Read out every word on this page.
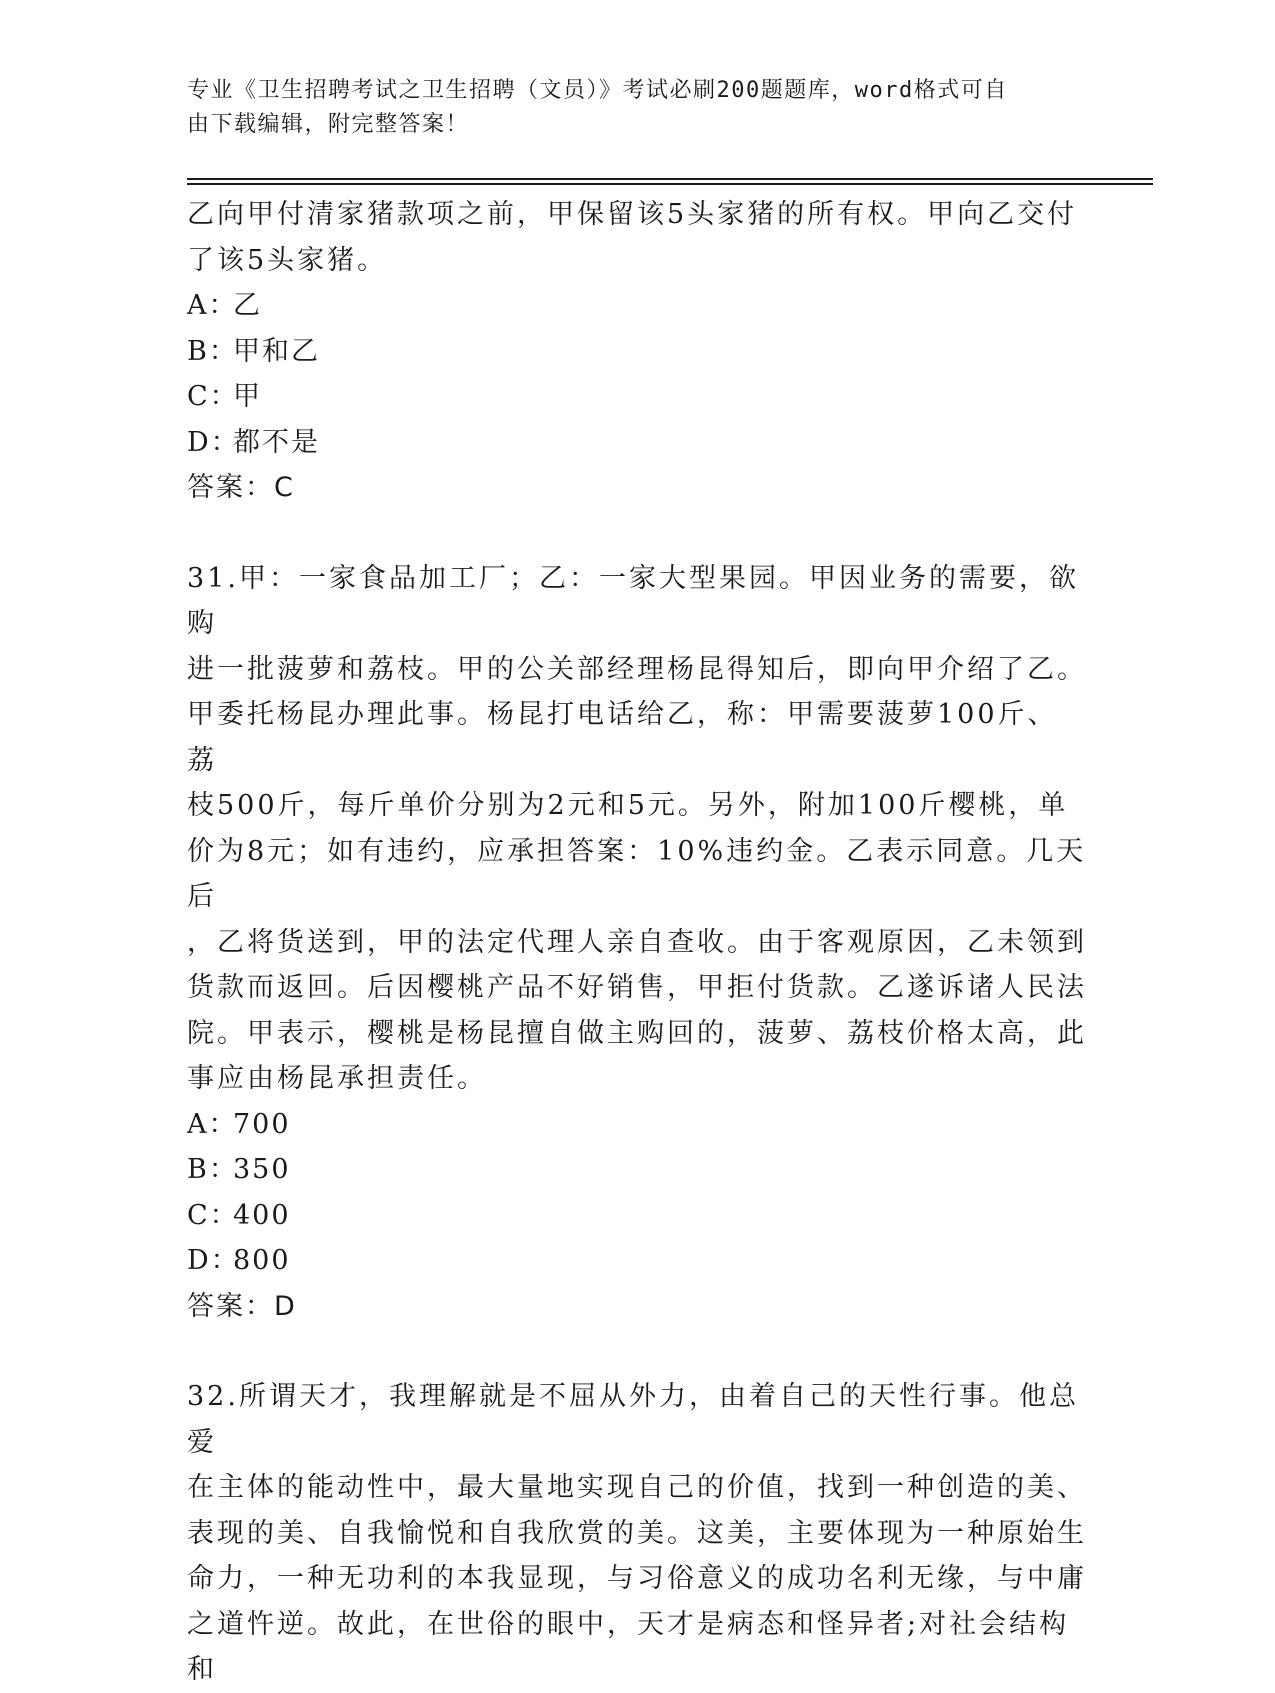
专业《卫生招聘考试之卫生招聘（文员）》考试必刷200题题库，word格式可自
由下载编辑，附完整答案！

乙向甲付清家猪款项之前，甲保留该5头家猪的所有权。甲向乙交付

了该5头家猪。

A：乙

B：甲和乙

C：甲

D：都不是

答案：C

31.甲：一家食品加工厂；乙：一家大型果园。甲因业务的需要，欲购

进一批菠萝和荔枝。甲的公关部经理杨昆得知后，即向甲介绍了乙。

甲委托杨昆办理此事。杨昆打电话给乙，称：甲需要菠萝100斤、荔

枝500斤，每斤单价分别为2元和5元。另外，附加100斤樱桃，单

价为8元；如有违约，应承担答案：10%违约金。乙表示同意。几天后

，乙将货送到，甲的法定代理人亲自查收。由于客观原因，乙未领到

货款而返回。后因樱桃产品不好销售，甲拒付货款。乙遂诉诸人民法

院。甲表示，樱桃是杨昆擅自做主购回的，菠萝、荔枝价格太高，此

事应由杨昆承担责任。

A：700

B：350

C：400

D：800

答案：D

32.所谓天才，我理解就是不屈从外力，由着自己的天性行事。他总爱

在主体的能动性中，最大量地实现自己的价值，找到一种创造的美、

表现的美、自我愉悦和自我欣赏的美。这美，主要体现为一种原始生

命力，一种无功利的本我显现，与习俗意义的成功名利无缘，与中庸

之道忤逆。故此，在世俗的眼中，天才是病态和怪异者;对社会结构和
